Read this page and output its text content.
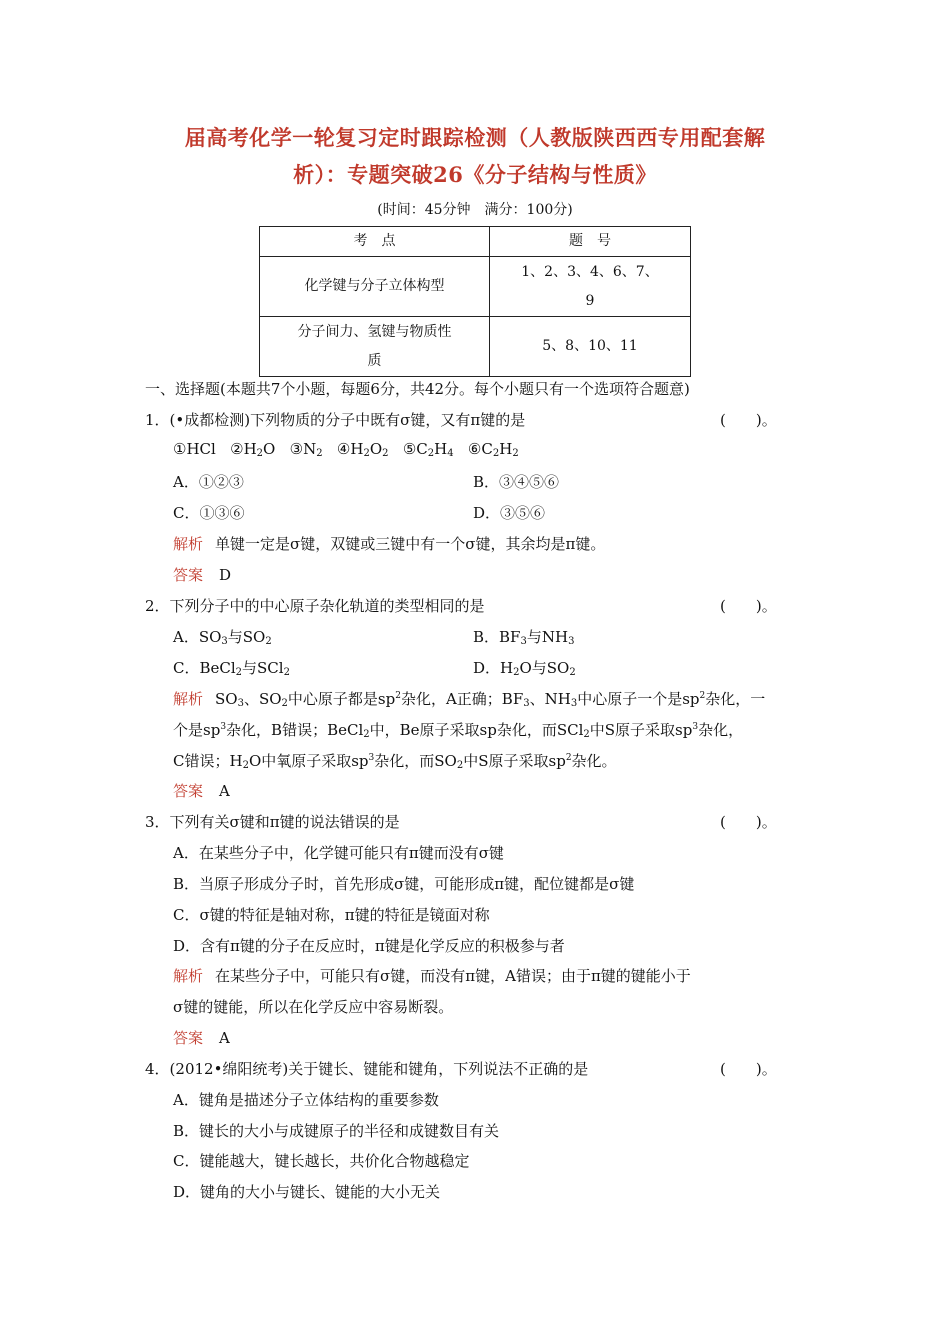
届高考化学一轮复习定时跟踪检测（人教版陕西西专用配套解
析）：专题突破26《分子结构与性质》
(时间：45分钟　满分：100分)
考　点	题　号
化学键与分子立体构型	1、2、3、4、6、7、
9

分子间力、氢键与物质性
质	5、8、10、11
一、选择题(本题共7个小题，每题6分，共42分。每个小题只有一个选项符合题意)
1．(•成都检测)下列物质的分子中既有σ键，又有π键的是	(　　)。
①HCl $②H_2O$ $③N_2$ $④H_2O_2$ $⑤C_2H_4$ $⑥C_2H_2$
A．①②③	B．③④⑤⑥
C．①③⑥	D．③⑤⑥
解析 单键一定是σ键，双键或三键中有一个σ键，其余均是π键。
答案 D
2．下列分子中的中心原子杂化轨道的类型相同的是	(　　)。
A．$SO_3$与$SO_2$	B．$BF_3$与$NH_3$
C．BeCl$_2$与SCl$_2$	D．$H_2O$与$SO_2$
解析 $SO_3$、$SO_2$中心原子都是$sp^2$杂化，A正确；$BF_3$、$NH_3$中心原子一个是$sp^2$杂化，一
个是$sp^3$杂化，B错误；BeCl$_2$中，Be原子采取sp杂化，而SCl$_2$中S原子采取$sp^3$杂化，
C错误；$H_2O$中氧原子采取$sp^3$杂化，而$SO_2$中S原子采取$sp^2$杂化。
答案 A
3．下列有关σ键和π键的说法错误的是	(　　)。
A．在某些分子中，化学键可能只有π键而没有σ键
B．当原子形成分子时，首先形成σ键，可能形成π键，配位键都是σ键
C．σ键的特征是轴对称，π键的特征是镜面对称
D．含有π键的分子在反应时，π键是化学反应的积极参与者
解析 在某些分子中，可能只有σ键，而没有π键，A错误；由于π键的键能小于
σ键的键能，所以在化学反应中容易断裂。
答案 A
4．(2012•绵阳统考)关于键长、键能和键角，下列说法不正确的是	(　　)。
A．键角是描述分子立体结构的重要参数
B．键长的大小与成键原子的半径和成键数目有关
C．键能越大，键长越长，共价化合物越稳定
D．键角的大小与键长、键能的大小无关
